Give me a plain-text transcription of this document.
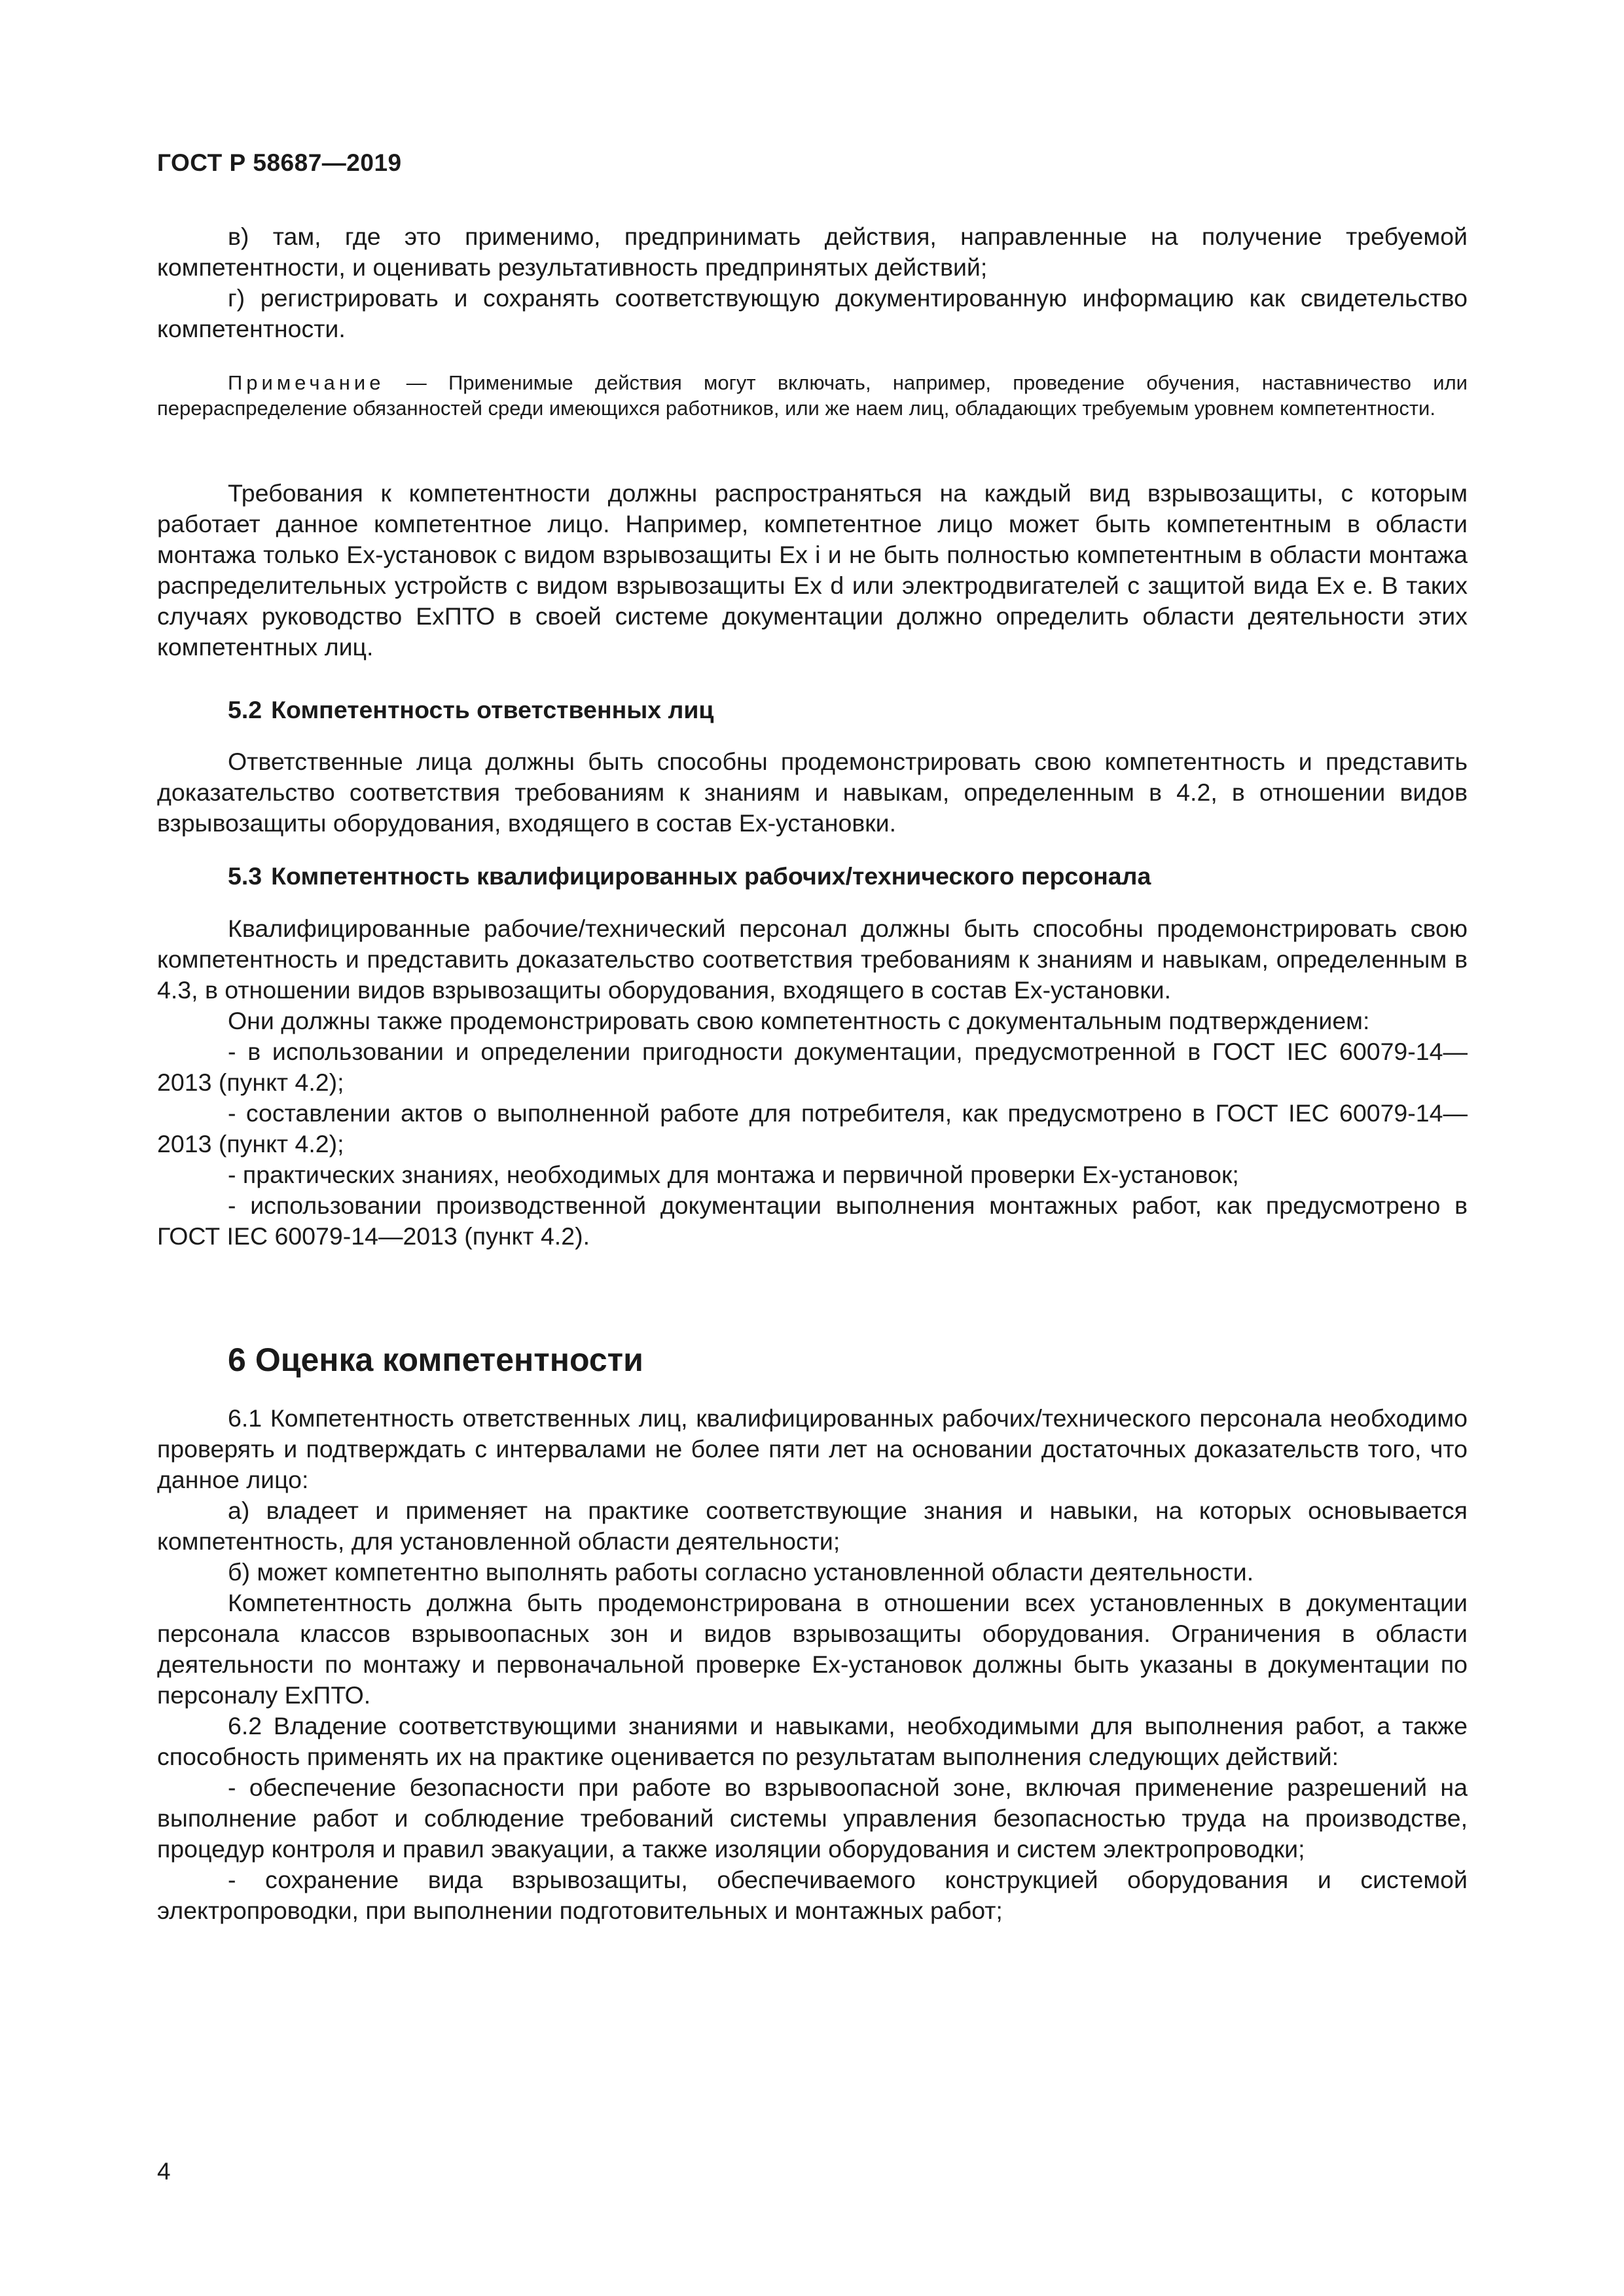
ГОСТ Р 58687—2019

в) там, где это применимо, предпринимать действия, направленные на получение требуемой компетентности, и оценивать результативность предпринятых действий;

г) регистрировать и сохранять соответствующую документированную информацию как свидетельство компетентности.

Примечание — Применимые действия могут включать, например, проведение обучения, наставничество или перераспределение обязанностей среди имеющихся работников, или же наем лиц, обладающих требуемым уровнем компетентности.

Требования к компетентности должны распространяться на каждый вид взрывозащиты, с которым работает данное компетентное лицо. Например, компетентное лицо может быть компетентным в области монтажа только Ex-установок с видом взрывозащиты Ex i и не быть полностью компетентным в области монтажа распределительных устройств с видом взрывозащиты Ex d или электродвигателей с защитой вида Ex e. В таких случаях руководство ExПТО в своей системе документации должно определить области деятельности этих компетентных лиц.

5.2 Компетентность ответственных лиц

Ответственные лица должны быть способны продемонстрировать свою компетентность и представить доказательство соответствия требованиям к знаниям и навыкам, определенным в 4.2, в отношении видов взрывозащиты оборудования, входящего в состав Ex-установки.

5.3 Компетентность квалифицированных рабочих/технического персонала

Квалифицированные рабочие/технический персонал должны быть способны продемонстрировать свою компетентность и представить доказательство соответствия требованиям к знаниям и навыкам, определенным в 4.3, в отношении видов взрывозащиты оборудования, входящего в состав Ex-установки.

Они должны также продемонстрировать свою компетентность с документальным подтверждением:

- в использовании и определении пригодности документации, предусмотренной в ГОСТ IEC 60079-14—2013 (пункт 4.2);

- составлении актов о выполненной работе для потребителя, как предусмотрено в ГОСТ IEC 60079-14—2013 (пункт 4.2);

- практических знаниях, необходимых для монтажа и первичной проверки Ex-установок;

- использовании производственной документации выполнения монтажных работ, как предусмотрено в ГОСТ IEC 60079-14—2013 (пункт 4.2).

6 Оценка компетентности

6.1 Компетентность ответственных лиц, квалифицированных рабочих/технического персонала необходимо проверять и подтверждать с интервалами не более пяти лет на основании достаточных доказательств того, что данное лицо:

а) владеет и применяет на практике соответствующие знания и навыки, на которых основывается компетентность, для установленной области деятельности;

б) может компетентно выполнять работы согласно установленной области деятельности.

Компетентность должна быть продемонстрирована в отношении всех установленных в документации персонала классов взрывоопасных зон и видов взрывозащиты оборудования. Ограничения в области деятельности по монтажу и первоначальной проверке Ex-установок должны быть указаны в документации по персоналу ExПТО.

6.2 Владение соответствующими знаниями и навыками, необходимыми для выполнения работ, а также способность применять их на практике оценивается по результатам выполнения следующих действий:

- обеспечение безопасности при работе во взрывоопасной зоне, включая применение разрешений на выполнение работ и соблюдение требований системы управления безопасностью труда на производстве, процедур контроля и правил эвакуации, а также изоляции оборудования и систем электропроводки;

- сохранение вида взрывозащиты, обеспечиваемого конструкцией оборудования и системой электропроводки, при выполнении подготовительных и монтажных работ;

4
